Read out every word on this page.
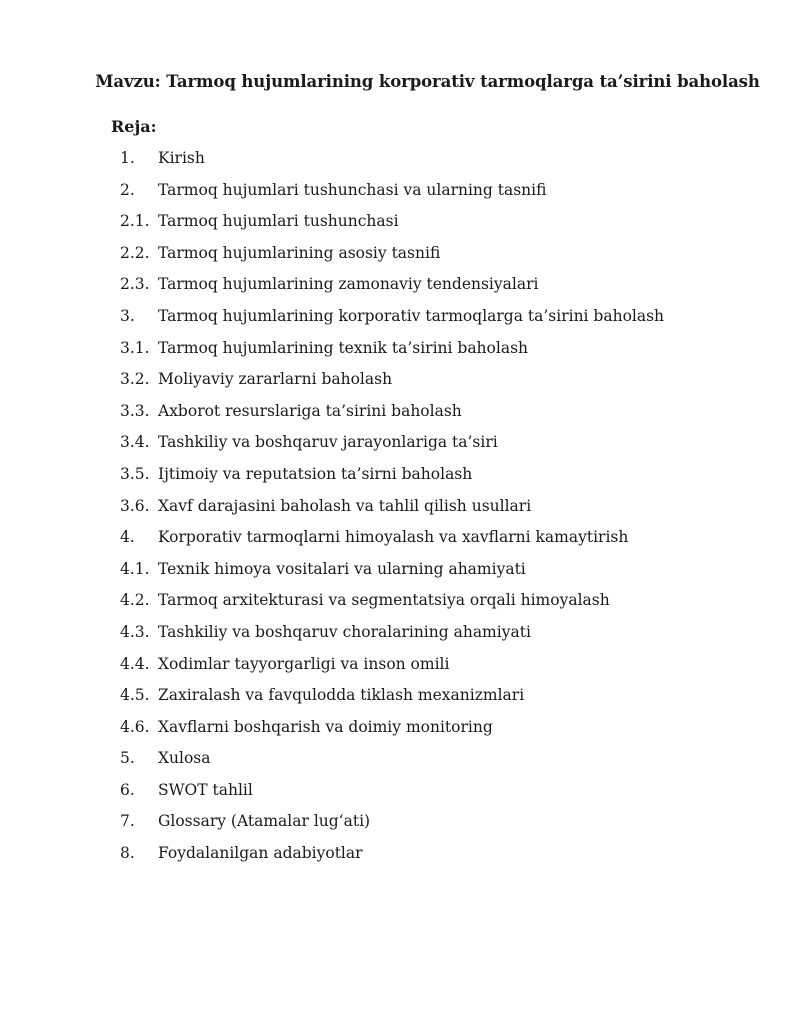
Mavzu: Tarmoq hujumlarining korporativ tarmoqlarga ta’sirini baholash
Reja:
1. Kirish
2. Tarmoq hujumlari tushunchasi va ularning tasnifi
2.1. Tarmoq hujumlari tushunchasi
2.2. Tarmoq hujumlarining asosiy tasnifi
2.3. Tarmoq hujumlarining zamonaviy tendensiyalari
3. Tarmoq hujumlarining korporativ tarmoqlarga ta’sirini baholash
3.1. Tarmoq hujumlarining texnik ta’sirini baholash
3.2. Moliyaviy zararlarni baholash
3.3. Axborot resurslariga ta’sirini baholash
3.4. Tashkiliy va boshqaruv jarayonlariga ta’siri
3.5. Ijtimoiy va reputatsion ta’sirni baholash
3.6. Xavf darajasini baholash va tahlil qilish usullari
4. Korporativ tarmoqlarni himoyalash va xavflarni kamaytirish
4.1. Texnik himoya vositalari va ularning ahamiyati
4.2. Tarmoq arxitekturasi va segmentatsiya orqali himoyalash
4.3. Tashkiliy va boshqaruv choralarining ahamiyati
4.4. Xodimlar tayyorgarligi va inson omili
4.5. Zaxiralash va favqulodda tiklash mexanizmlari
4.6. Xavflarni boshqarish va doimiy monitoring
5. Xulosa
6. SWOT tahlil
7. Glossary (Atamalar lug‘ati)
8. Foydalanilgan adabiyotlar
